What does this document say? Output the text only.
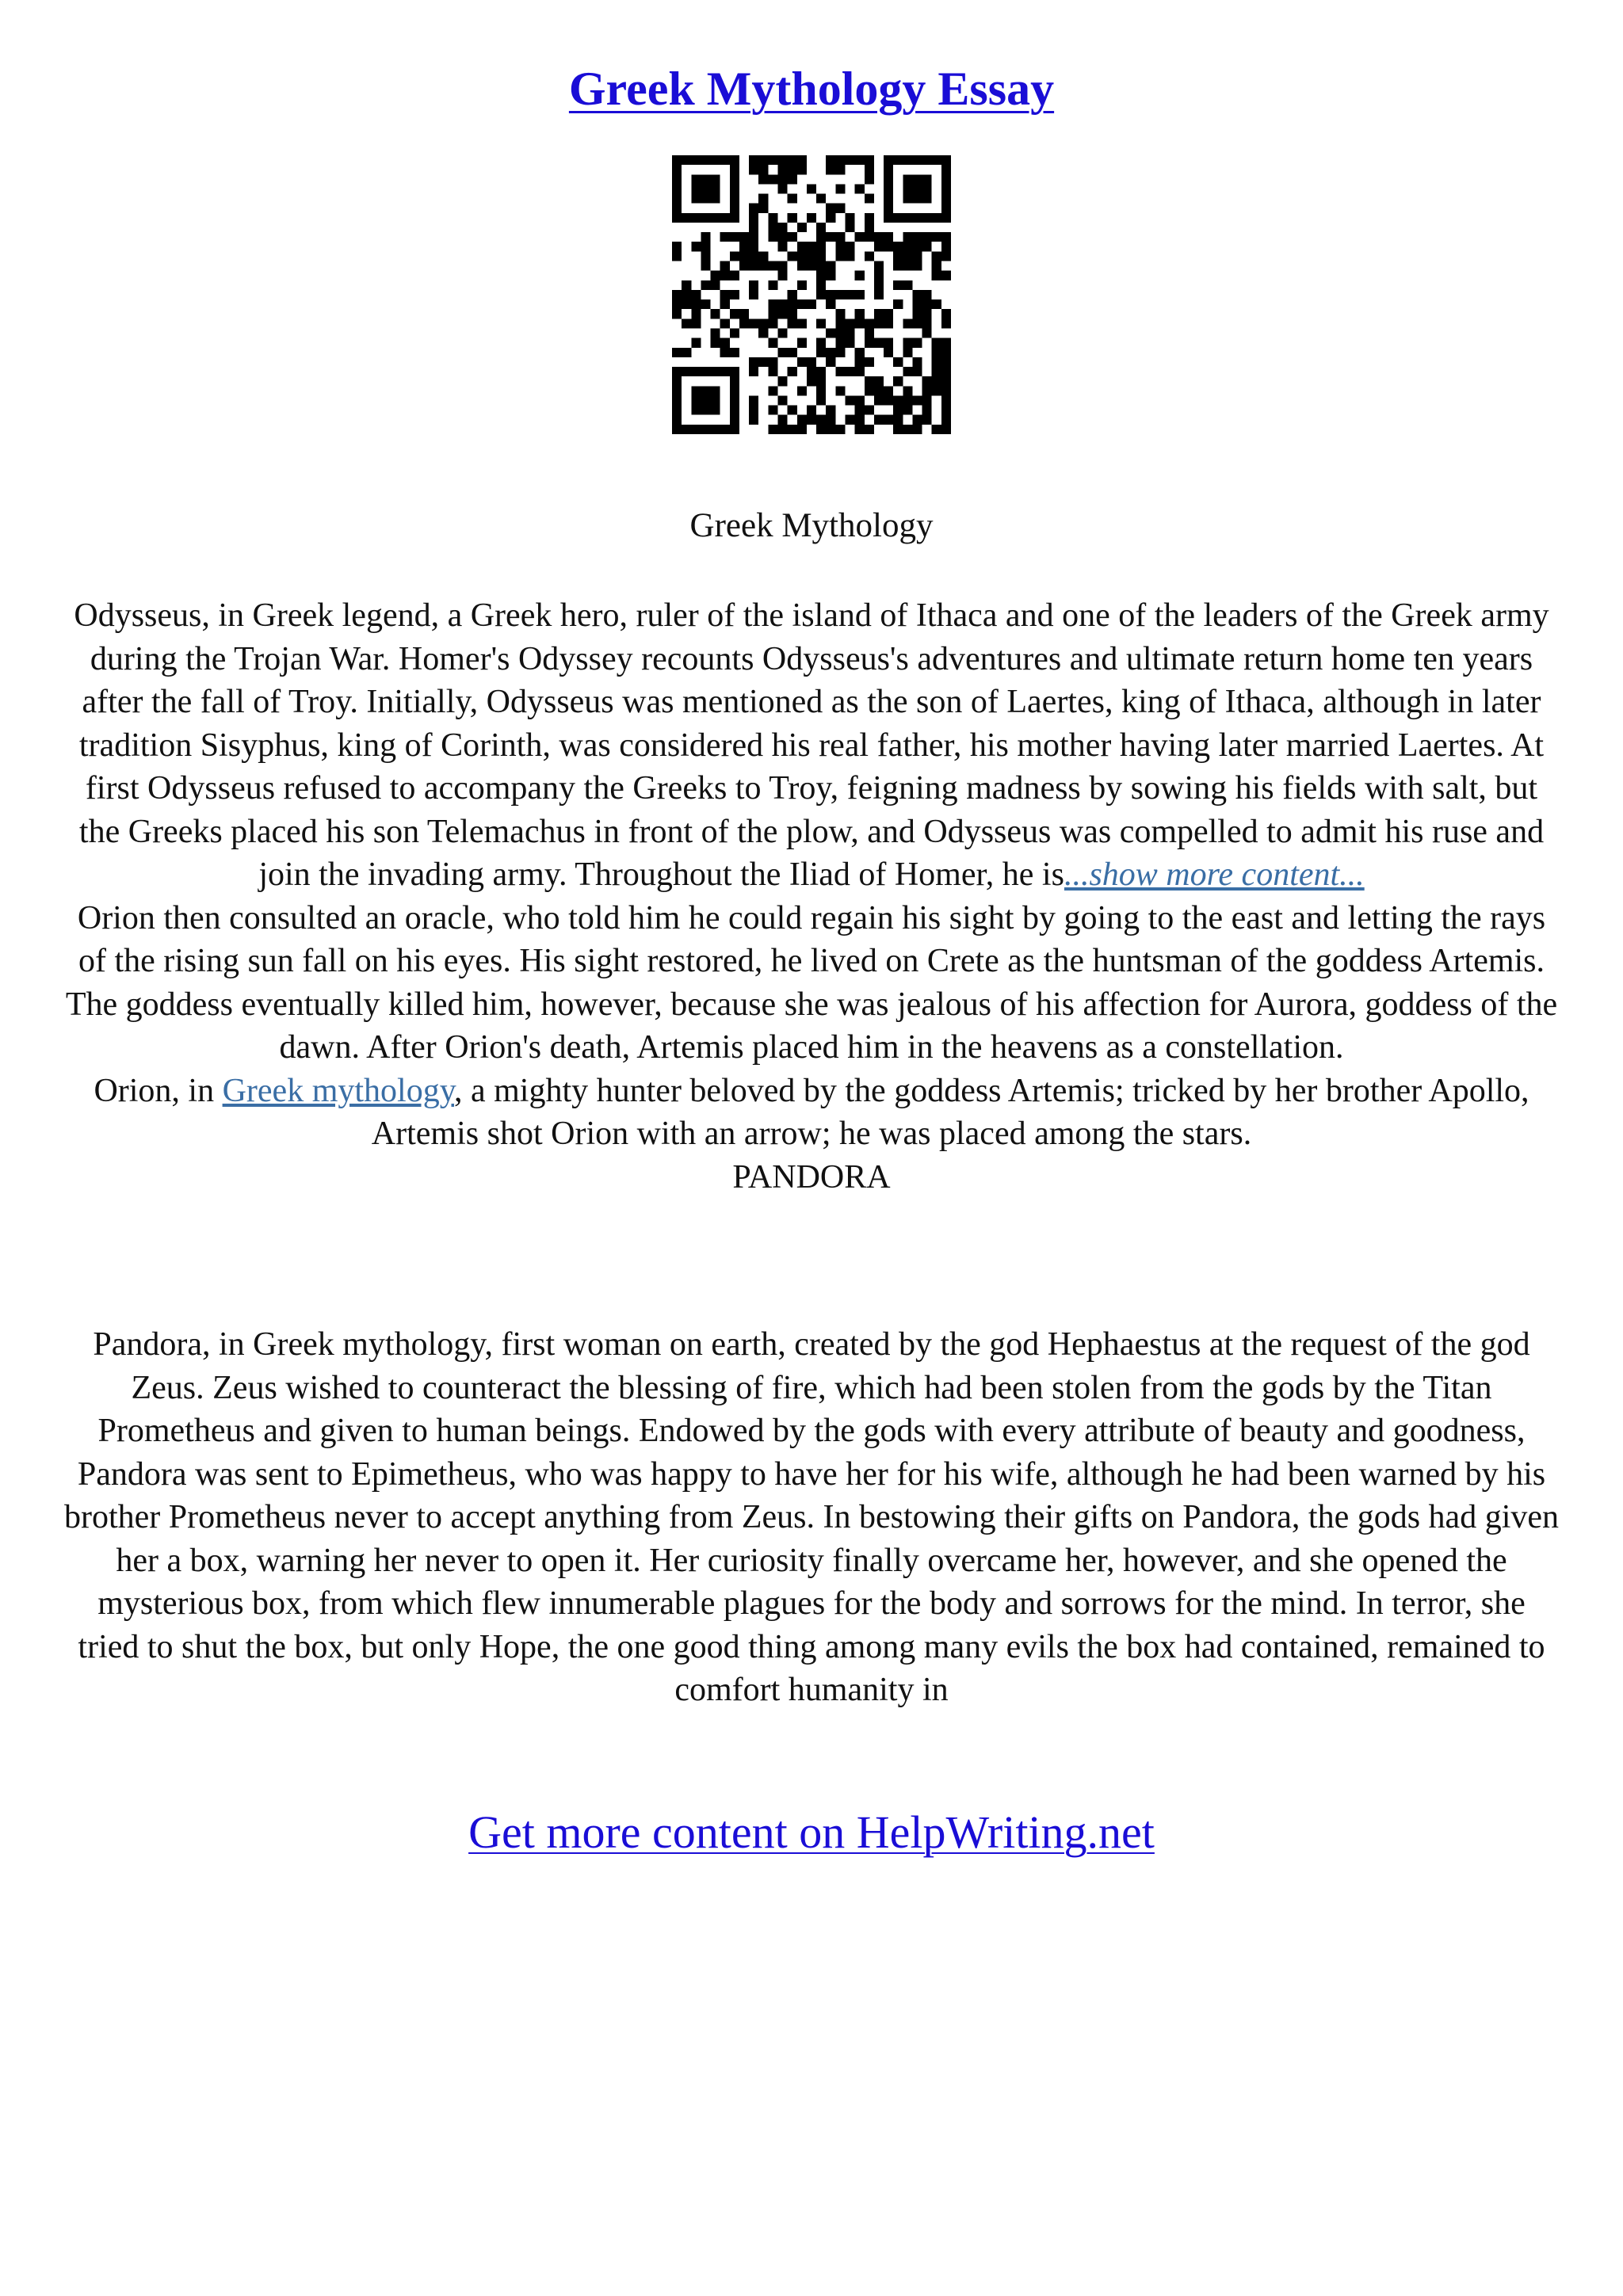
Greek Mythology Essay
Greek Mythology

Odysseus, in Greek legend, a Greek hero, ruler of the island of Ithaca and one of the leaders of the Greek army during the Trojan War. Homer's Odyssey recounts Odysseus's adventures and ultimate return home ten years after the fall of Troy. Initially, Odysseus was mentioned as the son of Laertes, king of Ithaca, although in later tradition Sisyphus, king of Corinth, was considered his real father, his mother having later married Laertes. At first Odysseus refused to accompany the Greeks to Troy, feigning madness by sowing his fields with salt, but the Greeks placed his son Telemachus in front of the plow, and Odysseus was compelled to admit his ruse and join the invading army. Throughout the Iliad of Homer, he is...show more content...

Orion then consulted an oracle, who told him he could regain his sight by going to the east and letting the rays of the rising sun fall on his eyes. His sight restored, he lived on Crete as the huntsman of the goddess Artemis. The goddess eventually killed him, however, because she was jealous of his affection for Aurora, goddess of the dawn. After Orion's death, Artemis placed him in the heavens as a constellation.

Orion, in Greek mythology, a mighty hunter beloved by the goddess Artemis; tricked by her brother Apollo, Artemis shot Orion with an arrow; he was placed among the stars.

PANDORA

Pandora, in Greek mythology, first woman on earth, created by the god Hephaestus at the request of the god Zeus. Zeus wished to counteract the blessing of fire, which had been stolen from the gods by the Titan Prometheus and given to human beings. Endowed by the gods with every attribute of beauty and goodness, Pandora was sent to Epimetheus, who was happy to have her for his wife, although he had been warned by his brother Prometheus never to accept anything from Zeus. In bestowing their gifts on Pandora, the gods had given her a box, warning her never to open it. Her curiosity finally overcame her, however, and she opened the mysterious box, from which flew innumerable plagues for the body and sorrows for the mind. In terror, she tried to shut the box, but only Hope, the one good thing among many evils the box had contained, remained to comfort humanity in

Get more content on HelpWriting.net
